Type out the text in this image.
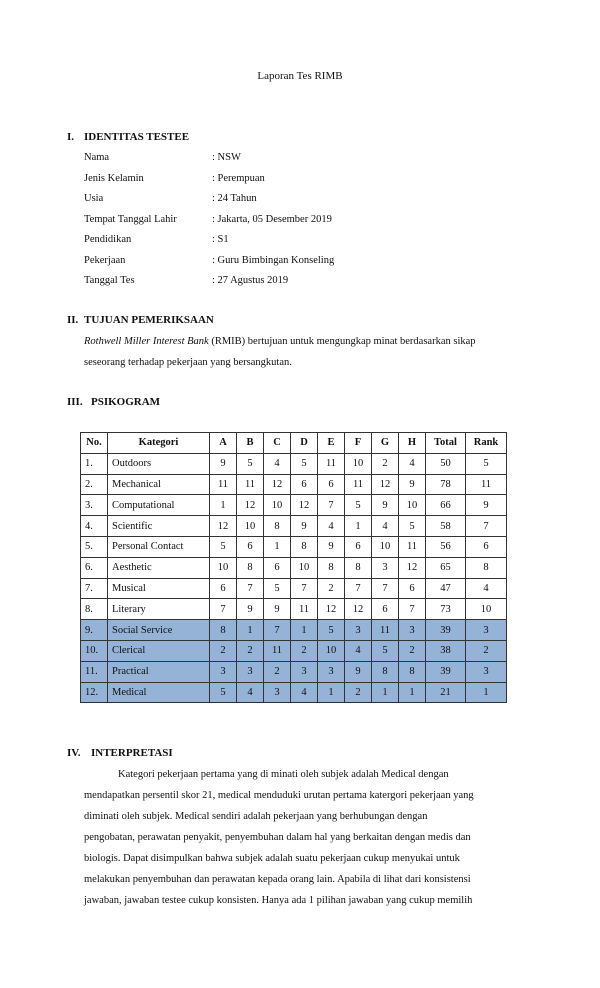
Laporan Tes RIMB
I. IDENTITAS TESTEE
Nama	: NSW
Jenis Kelamin	: Perempuan
Usia	: 24 Tahun
Tempat Tanggal Lahir	: Jakarta, 05 Desember 2019
Pendidikan	: S1
Pekerjaan	: Guru Bimbingan Konseling
Tanggal Tes	: 27 Agustus 2019
II. TUJUAN PEMERIKSAAN

Rothwell Miller Interest Bank (RMIB) bertujuan untuk mengungkap minat berdasarkan sikap

seseorang terhadap pekerjaan yang bersangkutan.

III. PSIKOGRAM
No.	Kategori	A	B	C	D	E	F	G	H	Total	Rank
1.	Outdoors	9	5	4	5	11	10	2	4	50	5
2.	Mechanical	11	11	12	6	6	11	12	9	78	11
3.	Computational	1	12	10	12	7	5	9	10	66	9
4.	Scientific	12	10	8	9	4	1	4	5	58	7
5.	Personal Contact	5	6	1	8	9	6	10	11	56	6
6.	Aesthetic	10	8	6	10	8	8	3	12	65	8
7.	Musical	6	7	5	7	2	7	7	6	47	4
8.	Literary	7	9	9	11	12	12	6	7	73	10
9.	Social Service	8	1	7	1	5	3	11	3	39	3
10.	Clerical	2	2	11	2	10	4	5	2	38	2
11.	Practical	3	3	2	3	3	9	8	8	39	3
12.	Medical	5	4	3	4	1	2	1	1	21	1
IV. INTERPRETASI

Kategori pekerjaan pertama yang di minati oleh subjek adalah Medical dengan

mendapatkan persentil skor 21, medical menduduki urutan pertama katergori pekerjaan yang

diminati oleh subjek. Medical sendiri adalah pekerjaan yang berhubungan dengan

pengobatan, perawatan penyakit, penyembuhan dalam hal yang berkaitan dengan medis dan

biologis. Dapat disimpulkan bahwa subjek adalah suatu pekerjaan cukup menyukai untuk

melakukan penyembuhan dan perawatan kepada orang lain. Apabila di lihat dari konsistensi

jawaban, jawaban testee cukup konsisten. Hanya ada 1 pilihan jawaban yang cukup memilih
